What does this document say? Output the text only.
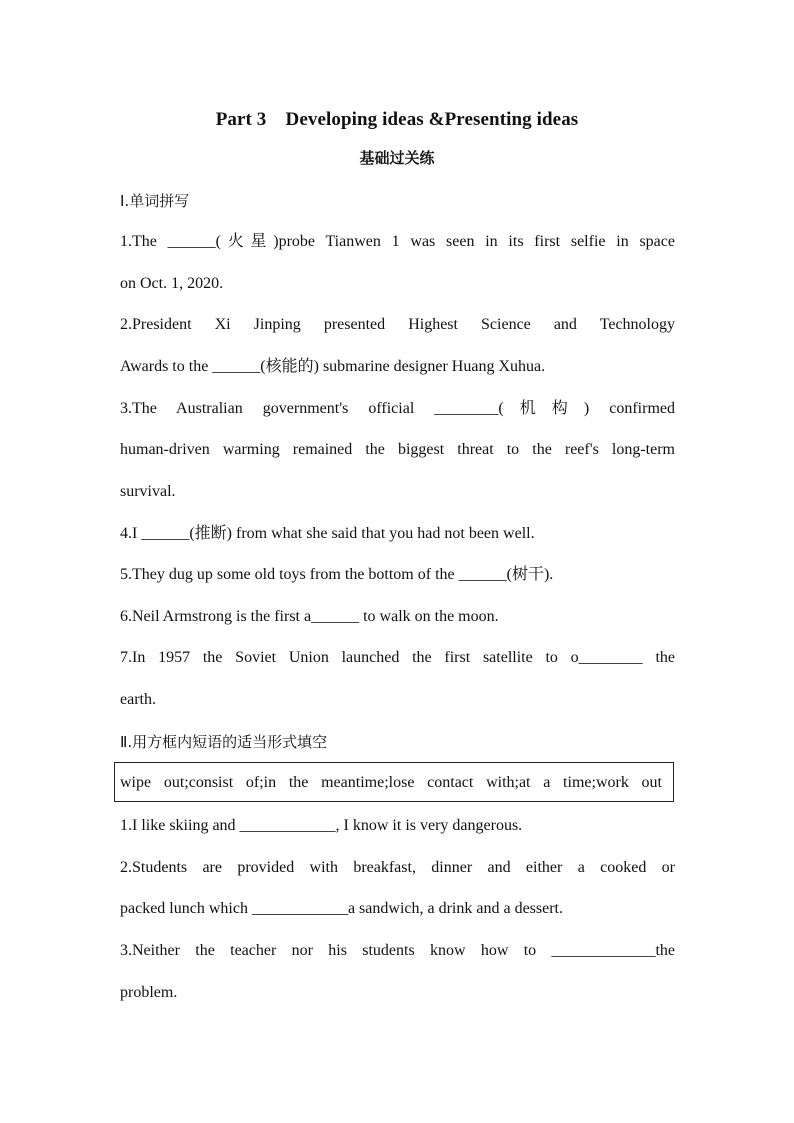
Part 3　Developing ideas &Presenting ideas
基础过关练
Ⅰ.单词拼写
1.The ______(火星)probe Tianwen 1 was seen in its first selfie in space
on Oct. 1, 2020.
2.President Xi Jinping presented Highest Science and Technology
Awards to the ______(核能的) submarine designer Huang Xuhua.
3.The Australian government's official ________(机构) confirmed
human-driven warming remained the biggest threat to the reef's long-term
survival.
4.I ______(推断) from what she said that you had not been well.
5.They dug up some old toys from the bottom of the ______(树干).
6.Neil Armstrong is the first a______ to walk on the moon.
7.In 1957 the Soviet Union launched the first satellite to o________ the
earth.
Ⅱ.用方框内短语的适当形式填空
wipe out;consist of;in the meantime;lose contact with;at a time;work out
1.I like skiing and ____________, I know it is very dangerous.
2.Students are provided with breakfast, dinner and either a cooked or
packed lunch which ____________a sandwich, a drink and a dessert.
3.Neither the teacher nor his students know how to _____________the
problem.
